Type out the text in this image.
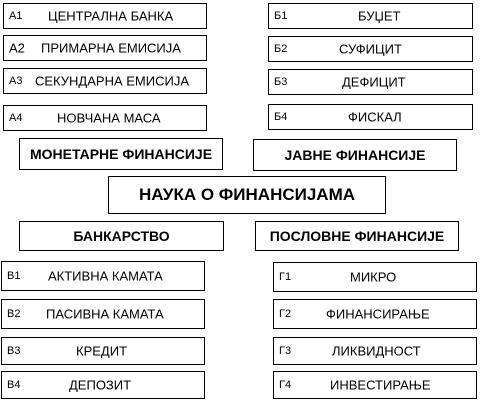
А1 ЦЕНТРАЛНА БАНКА
А2 ПРИМАРНА ЕМИСИЈА
А3 СЕКУНДАРНА ЕМИСИЈА
А4	НОВЧАНА МАСА
Б1	БУЏЕТ
Б2	СУФИЦИТ
Б3	ДЕФИЦИТ
Б4	ФИСКАЛ
МОНЕТАРНЕ ФИНАНСИЈЕ	ЈАВНЕ ФИНАНСИЈЕ
НАУКА О ФИНАНСИЈАМА
БАНКАРСТВО	ПОСЛОВНЕ ФИНАНСИЈЕ
В1 АКТИВНА КАМАТА
В2 ПАСИВНА КАМАТА
В3	КРЕДИТ
В4	ДЕПОЗИТ
Г1	МИКРО
Г2	ФИНАНСИРАЊЕ
Г3	ЛИКВИДНОСТ
Г4	ИНВЕСТИРАЊЕ
